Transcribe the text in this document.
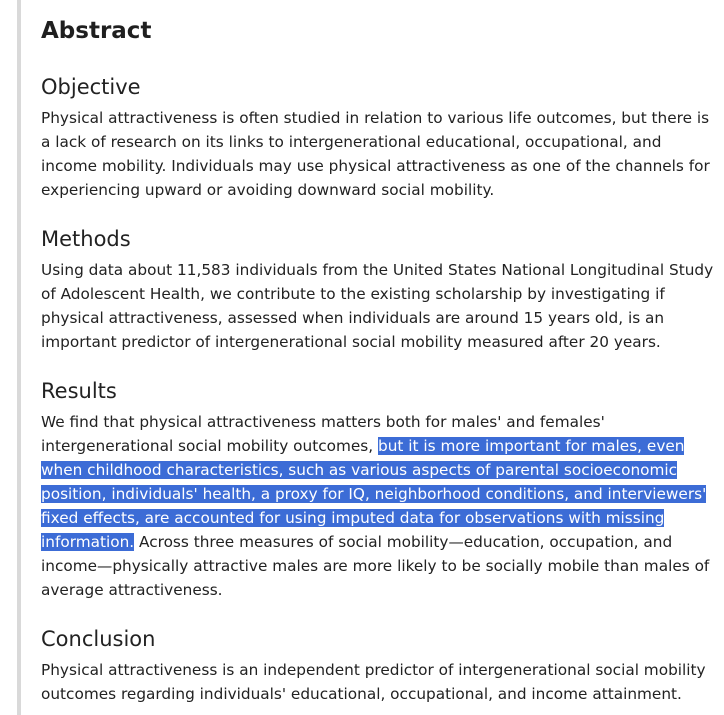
Abstract
Objective

Physical attractiveness is often studied in relation to various life outcomes, but there is a lack of research on its links to intergenerational educational, occupational, and income mobility. Individuals may use physical attractiveness as one of the channels for experiencing upward or avoiding downward social mobility.

Methods

Using data about 11,583 individuals from the United States National Longitudinal Study of Adolescent Health, we contribute to the existing scholarship by investigating if physical attractiveness, assessed when individuals are around 15 years old, is an important predictor of intergenerational social mobility measured after 20 years.

Results

We find that physical attractiveness matters both for males' and females' intergenerational social mobility outcomes, but it is more important for males, even when childhood characteristics, such as various aspects of parental socioeconomic position, individuals' health, a proxy for IQ, neighborhood conditions, and interviewers' fixed effects, are accounted for using imputed data for observations with missing information. Across three measures of social mobility—education, occupation, and income—physically attractive males are more likely to be socially mobile than males of average attractiveness.

Conclusion

Physical attractiveness is an independent predictor of intergenerational social mobility outcomes regarding individuals' educational, occupational, and income attainment.
